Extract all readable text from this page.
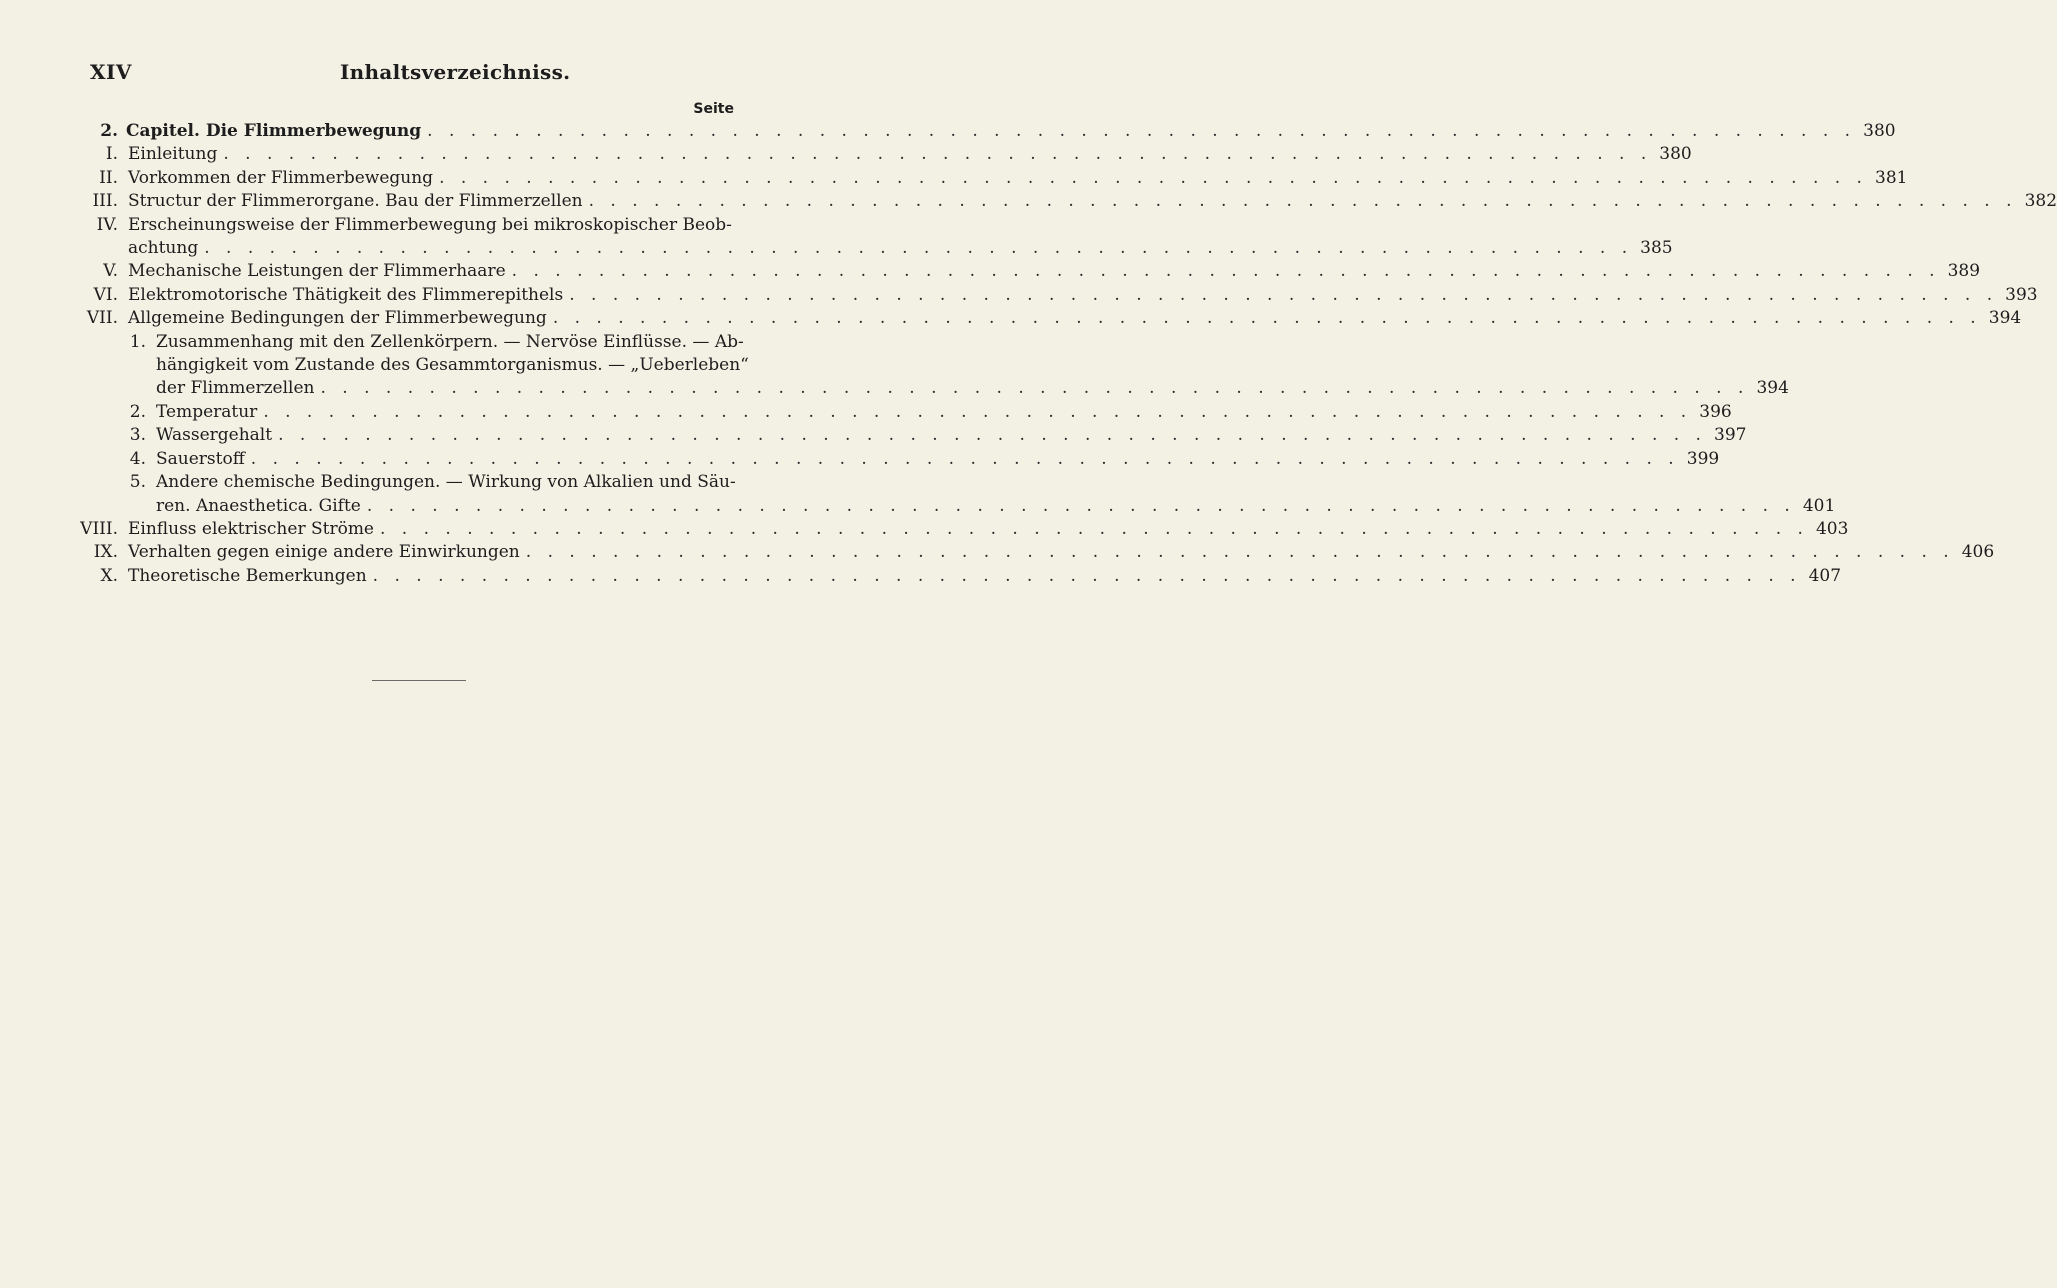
XIV	Inhaltsverzeichniss.
Seite
2. Capitel. Die Flimmerbewegung . . .	380
I. Einleitung . . .	380
II. Vorkommen der Flimmerbewegung . . .	381
III. Structur der Flimmerorgane. Bau der Flimmerzellen . . .	382
IV. Erscheinungsweise der Flimmerbewegung bei mikroskopischer Beob-
achtung . . .	385
V. Mechanische Leistungen der Flimmerhaare . . .	389
VI. Elektromotorische Thätigkeit des Flimmerepithels . . .	393
VII. Allgemeine Bedingungen der Flimmerbewegung . . .	394
1. Zusammenhang mit den Zellenkörpern. — Nervöse Einflüsse. — Ab-
hängigkeit vom Zustande des Gesammtorganismus. — „Ueberleben“
der Flimmerzellen . . .	394
2. Temperatur . . .	396
3. Wassergehalt . . .	397
4. Sauerstoff . . .	399
5. Andere chemische Bedingungen. — Wirkung von Alkalien und Säu-
ren. Anaesthetica. Gifte . . .	401
VIII. Einfluss elektrischer Ströme . . .	403
IX. Verhalten gegen einige andere Einwirkungen . . .	406
X. Theoretische Bemerkungen . . .	407
